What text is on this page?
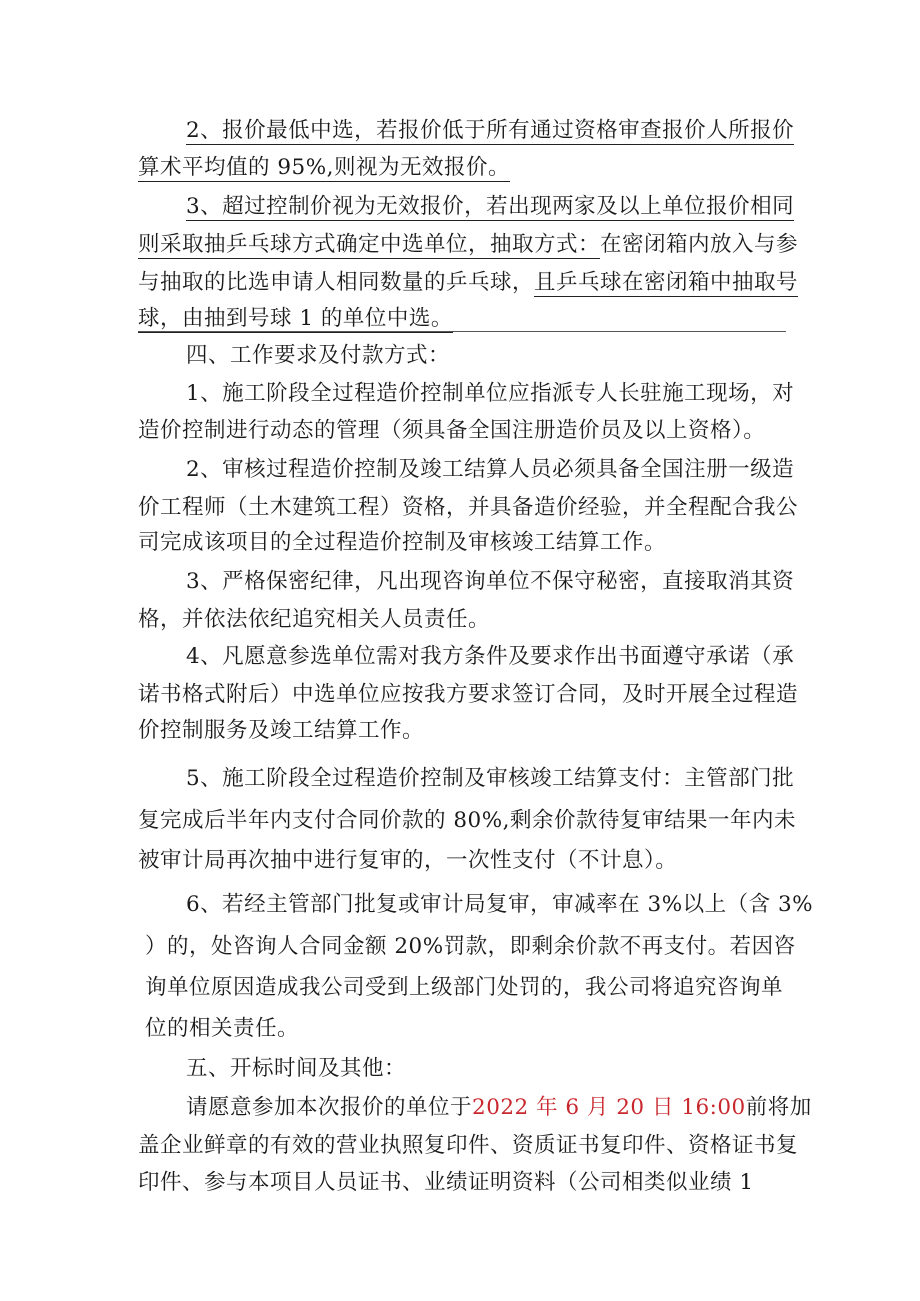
2、报价最低中选，若报价低于所有通过资格审查报价人所报价
算术平均值的 95%,则视为无效报价。
3、超过控制价视为无效报价，若出现两家及以上单位报价相同
则采取抽乒乓球方式确定中选单位，抽取方式：在密闭箱内放入与参
与抽取的比选申请人相同数量的乒乓球，且乒乓球在密闭箱中抽取号
球，由抽到号球 1 的单位中选。
四、工作要求及付款方式：
1、施工阶段全过程造价控制单位应指派专人长驻施工现场，对
造价控制进行动态的管理（须具备全国注册造价员及以上资格）。
2、审核过程造价控制及竣工结算人员必须具备全国注册一级造
价工程师（土木建筑工程）资格，并具备造价经验，并全程配合我公
司完成该项目的全过程造价控制及审核竣工结算工作。
3、严格保密纪律，凡出现咨询单位不保守秘密，直接取消其资
格，并依法依纪追究相关人员责任。
4、凡愿意参选单位需对我方条件及要求作出书面遵守承诺（承
诺书格式附后）中选单位应按我方要求签订合同，及时开展全过程造
价控制服务及竣工结算工作。
5、施工阶段全过程造价控制及审核竣工结算支付：主管部门批
复完成后半年内支付合同价款的 80%,剩余价款待复审结果一年内未
被审计局再次抽中进行复审的，一次性支付（不计息）。
6、若经主管部门批复或审计局复审，审减率在 3%以上（含 3%
）的，处咨询人合同金额 20%罚款，即剩余价款不再支付。若因咨
询单位原因造成我公司受到上级部门处罚的，我公司将追究咨询单
位的相关责任。
五、开标时间及其他：
请愿意参加本次报价的单位于2022 年 6 月 20 日 16:00前将加
盖企业鲜章的有效的营业执照复印件、资质证书复印件、资格证书复
印件、参与本项目人员证书、业绩证明资料（公司相类似业绩 1
